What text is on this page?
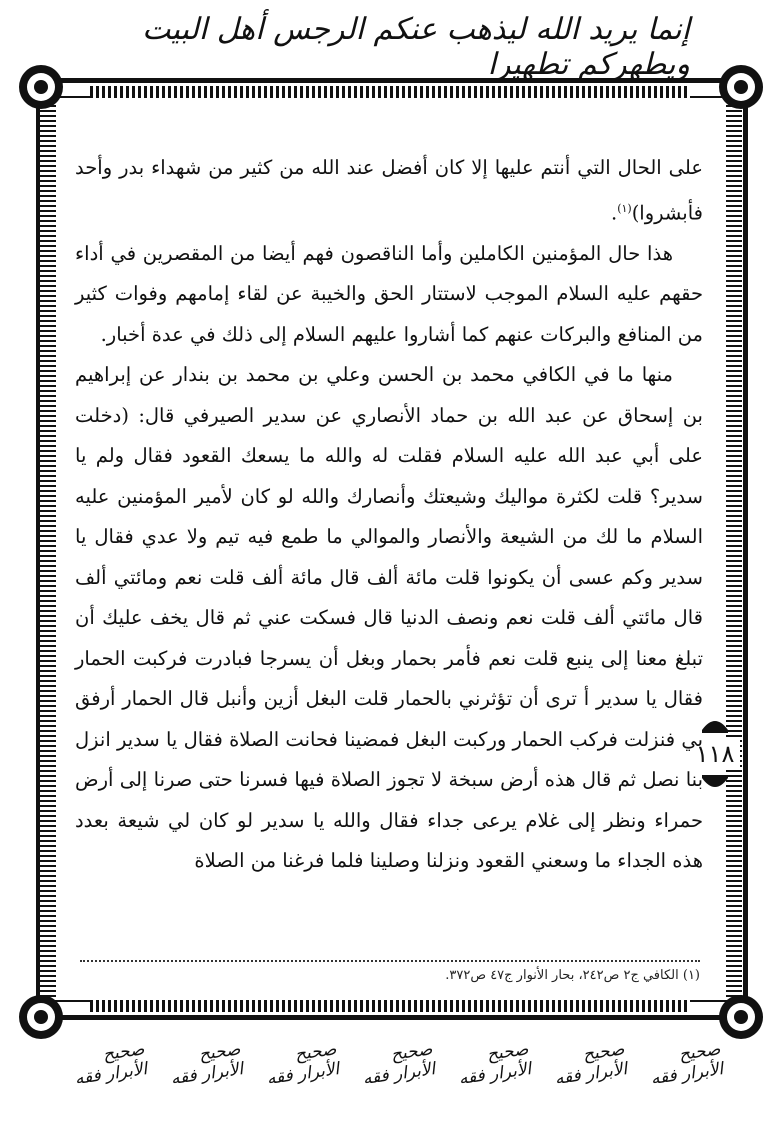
إنما يريد الله ليذهب عنكم الرجس أهل البيت ويطهركم تطهيرا
١١٨

على الحال التي أنتم عليها إلا كان أفضل عند الله من كثير من شهداء بدر وأحد فأبشروا)$^{(١)}$.

هذا حال المؤمنين الكاملين وأما الناقصون فهم أيضا من المقصرين في أداء حقهم عليه السلام الموجب لاستتار الحق والخيبة عن لقاء إمامهم وفوات كثير من المنافع والبركات عنهم كما أشاروا عليهم السلام إلى ذلك في عدة أخبار.

منها ما في الكافي محمد بن الحسن وعلي بن محمد بن بندار عن إبراهيم بن إسحاق عن عبد الله بن حماد الأنصاري عن سدير الصيرفي قال: (دخلت على أبي عبد الله عليه السلام فقلت له والله ما يسعك القعود فقال ولم يا سدير؟ قلت لكثرة مواليك وشيعتك وأنصارك والله لو كان لأمير المؤمنين عليه السلام ما لك من الشيعة والأنصار والموالي ما طمع فيه تيم ولا عدي فقال يا سدير وكم عسى أن يكونوا قلت مائة ألف قال مائة ألف قلت نعم ومائتي ألف قال مائتي ألف قلت نعم ونصف الدنيا قال فسكت عني ثم قال يخف عليك أن تبلغ معنا إلى ينبع قلت نعم فأمر بحمار وبغل أن يسرجا فبادرت فركبت الحمار فقال يا سدير أ ترى أن تؤثرني بالحمار قلت البغل أزين وأنبل قال الحمار أرفق بي فنزلت فركب الحمار وركبت البغل فمضينا فحانت الصلاة فقال يا سدير انزل بنا نصل ثم قال هذه أرض سبخة لا تجوز الصلاة فيها فسرنا حتى صرنا إلى أرض حمراء ونظر إلى غلام يرعى جداء فقال والله يا سدير لو كان لي شيعة بعدد هذه الجداء ما وسعني القعود ونزلنا وصلينا فلما فرغنا من الصلاة

(١) الكافي ج٢ ص٢٤٢، بحار الأنوار ج٤٧ ص٣٧٢.
صحيح الأبرار فقه
صحيح الأبرار فقه
صحيح الأبرار فقه
صحيح الأبرار فقه
صحيح الأبرار فقه
صحيح الأبرار فقه
صحيح الأبرار فقه
